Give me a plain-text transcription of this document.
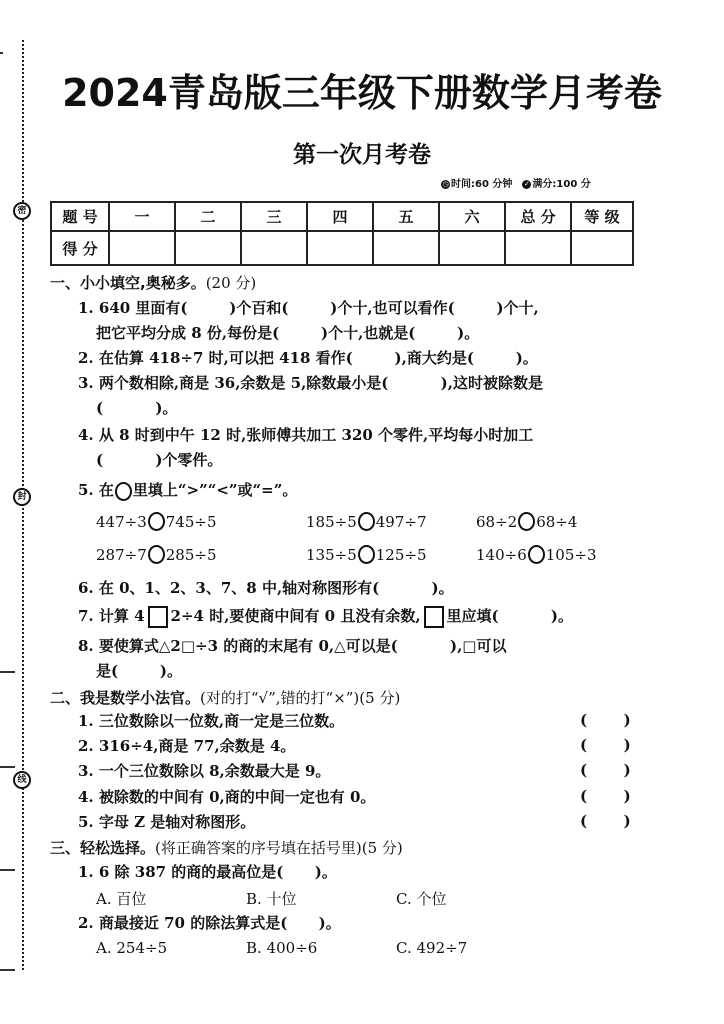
密
封
线
2024青岛版三年级下册数学月考卷
第一次月考卷
◷ 时间:60 分钟 ✓ 满分:100 分
题 号	一	二	三	四	五	六	总 分	等 级
得 分								
一、小小填空,奥秘多。(20 分)
1. 640 里面有(        )个百和(        )个十,也可以看作(        )个十,
把它平均分成 8 份,每份是(        )个十,也就是(        )。
2. 在估算 418÷7 时,可以把 418 看作(        ),商大约是(        )。
3. 两个数相除,商是 36,余数是 5,除数最小是(          ),这时被除数是
(          )。
4. 从 8 时到中午 12 时,张师傅共加工 320 个零件,平均每小时加工
(          )个零件。
5. 在 里填上“>”“<”或“=”。
447÷3 745÷5	185÷5 497÷7	68÷2 68÷4
287÷7 285÷5	135÷5 125÷5	140÷6 105÷3
6. 在 0、1、2、3、7、8 中,轴对称图形有(          )。
7. 计算 4 2÷4 时,要使商中间有 0 且没有余数, 里应填(          )。
8. 要使算式△2□÷3 的商的末尾有 0,△可以是(          ),□可以
是(        )。
二、我是数学小法官。(对的打“√”,错的打“×”)(5 分)
1. 三位数除以一位数,商一定是三位数。	(       )
2. 316÷4,商是 77,余数是 4。	(       )
3. 一个三位数除以 8,余数最大是 9。	(       )
4. 被除数的中间有 0,商的中间一定也有 0。	(       )
5. 字母 Z 是轴对称图形。	(       )
三、轻松选择。(将正确答案的序号填在括号里)(5 分)
1. 6 除 387 的商的最高位是(      )。
A. 百位	B. 十位	C. 个位
2. 商最接近 70 的除法算式是(      )。
A. 254÷5	B. 400÷6	C. 492÷7
